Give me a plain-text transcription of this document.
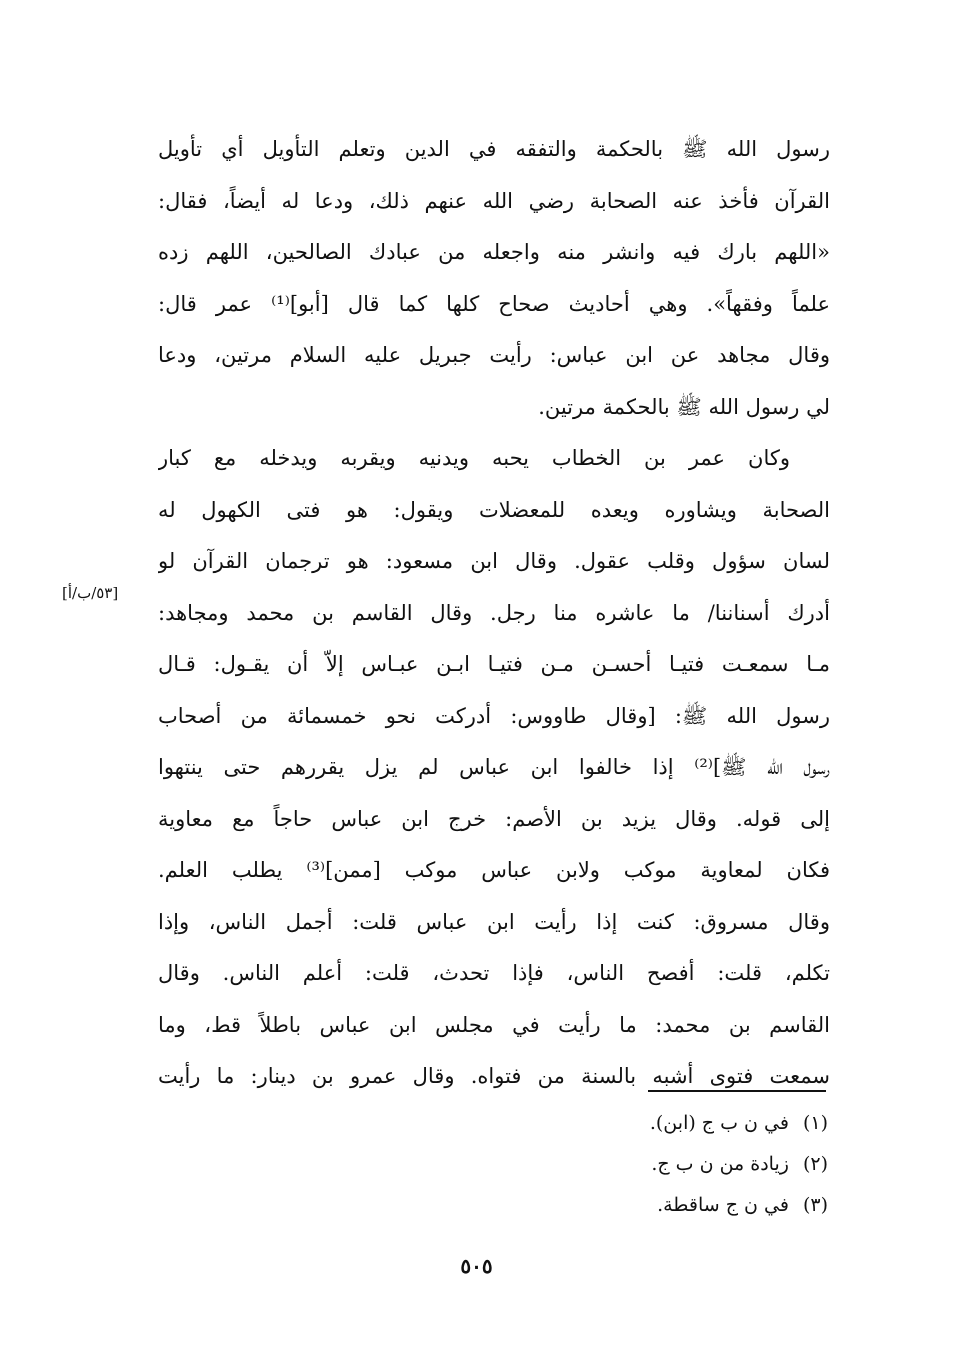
رسول الله ﷺ بالحكمة والتفقه في الدين وتعلم التأويل أي تأويل
القرآن فأخذ عنه الصحابة رضي الله عنهم ذلك، ودعا له أيضاً، فقال:
«اللهم بارك فيه وانشر منه واجعله من عبادك الصالحين، اللهم زده
علماً وفقهاً». وهي أحاديث صحاح كلها كما قال [أبو]⁽¹⁾ عمر قال:
وقال مجاهد عن ابن عباس: رأيت جبريل عليه السلام مرتين، ودعا
لي رسول الله ﷺ بالحكمة مرتين.
وكان عمر بن الخطاب يحبه ويدنيه ويقربه ويدخله مع كبار
الصحابة ويشاوره ويعده للمعضلات ويقول: هو فتى الكهول له
لسان سؤول وقلب عقول. وقال ابن مسعود: هو ترجمان القرآن لو
أدرك أسناننا/ ما عاشره منا رجل. وقال القاسم بن محمد ومجاهد:
مـا سمعـت فتيـا أحسـن مـن فتيـا ابـن عبـاس إلاّ أن يقـول: قـال
رسول الله ﷺ: [وقال طاووس: أدركت نحو خمسمائة من أصحاب
رسول الله ﷺ]⁽²⁾ إذا خالفوا ابن عباس لم يزل يقررهم حتى ينتهوا
إلى قوله. وقال يزيد بن الأصم: خرج ابن عباس حاجاً مع معاوية
فكان لمعاوية موكب ولابن عباس موكب [ممن]⁽³⁾ يطلب العلم.
وقال مسروق: كنت إذا رأيت ابن عباس قلت: أجمل الناس، وإذا
تكلم، قلت: أفصح الناس، فإذا تحدث، قلت: أعلم الناس. وقال
القاسم بن محمد: ما رأيت في مجلس ابن عباس باطلاً قط، وما
سمعت فتوى أشبه بالسنة من فتواه. وقال عمرو بن دينار: ما رأيت
[٥٣/ب/أ]
(١)في ن ب ج (ابن).
(٢)زيادة من ن ب ج.
(٣)في ن ج ساقطة.
٥٠٥
